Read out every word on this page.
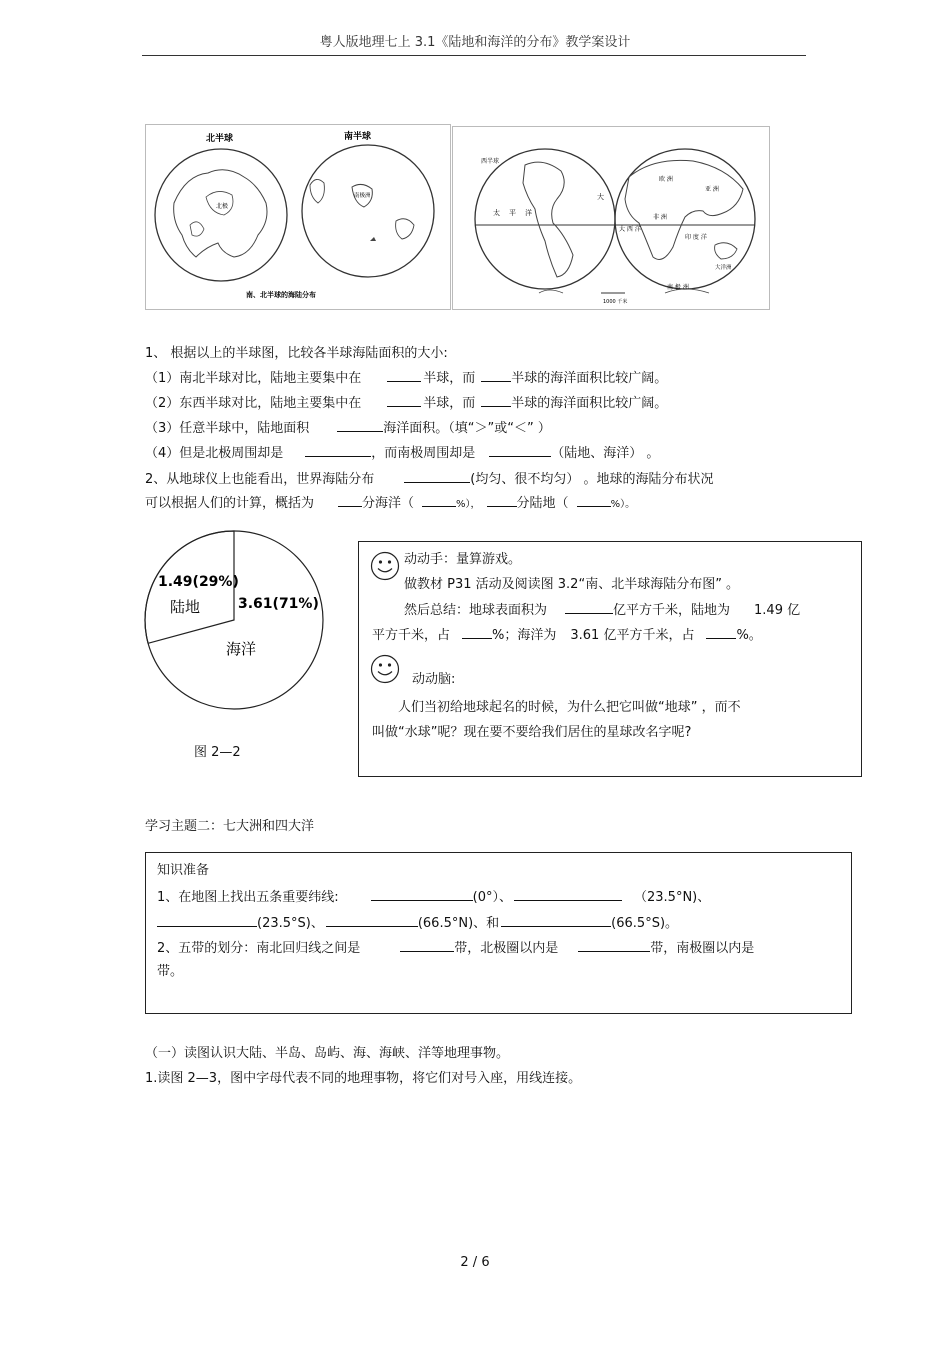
粤人版地理七上 3.1《陆地和海洋的分布》教学案设计
北半球	南半球
北极
南极洲
南、北半球的海陆分布
西半球
太 平 洋
大
大 西 洋
欧 洲
亚 洲
非 洲
印 度 洋
大洋洲
南 极 洲
1000 千米
1、 根据以上的半球图，比较各半球海陆面积的大小:
（1）南北半球对比，陆地主要集中在	半球，而	半球的海洋面积比较广阔。
（2）东西半球对比，陆地主要集中在	半球，而	半球的海洋面积比较广阔。
（3）任意半球中，陆地面积	海洋面积。（填“＞”或“＜” ）
（4）但是北极周围却是	，而南极周围却是	（陆地、海洋） 。
2、从地球仪上也能看出，世界海陆分布	(均匀、很不均匀） 。地球的海陆分布状况
可以根据人们的计算，概括为	分海洋（	%），	分陆地（	%）。
1.49(29%)
陆地	3.61(71%)
海洋
图 2—2
动动手：量算游戏。
做教材 P31 活动及阅读图 3.2“南、北半球海陆分布图” 。
然后总结：地球表面积为	亿平方千米，陆地为 1.49 亿
平方千米，占	%；海洋为 3.61 亿平方千米，占	%。
动动脑:
人们当初给地球起名的时候，为什么把它叫做“地球” ，而不
叫做“水球”呢？现在要不要给我们居住的星球改名字呢?
学习主题二：七大洲和四大洋
知识准备
1、在地图上找出五条重要纬线:	(0°）、	（23.5°N)、
(23.5°S)、	(66.5°N)、和	(66.5°S)。
2、五带的划分：南北回归线之间是	带，北极圈以内是	带，南极圈以内是
带。
（一）读图认识大陆、半岛、岛屿、海、海峡、洋等地理事物。
1.读图 2—3，图中字母代表不同的地理事物，将它们对号入座，用线连接。
2 / 6
